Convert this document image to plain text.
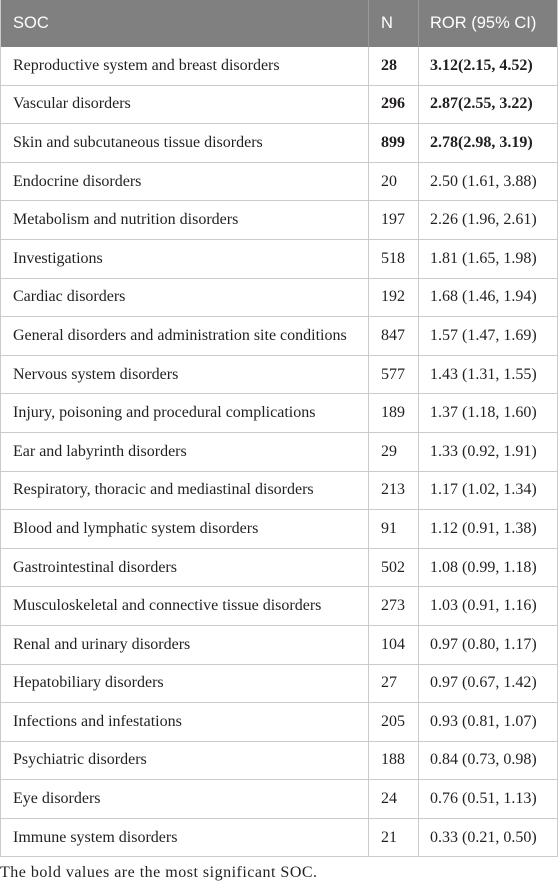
SOC	N	ROR (95% CI)
Reproductive system and breast disorders	28	3.12(2.15, 4.52)
Vascular disorders	296	2.87(2.55, 3.22)
Skin and subcutaneous tissue disorders	899	2.78(2.98, 3.19)
Endocrine disorders	20	2.50 (1.61, 3.88)
Metabolism and nutrition disorders	197	2.26 (1.96, 2.61)
Investigations	518	1.81 (1.65, 1.98)
Cardiac disorders	192	1.68 (1.46, 1.94)
General disorders and administration site conditions	847	1.57 (1.47, 1.69)
Nervous system disorders	577	1.43 (1.31, 1.55)
Injury, poisoning and procedural complications	189	1.37 (1.18, 1.60)
Ear and labyrinth disorders	29	1.33 (0.92, 1.91)
Respiratory, thoracic and mediastinal disorders	213	1.17 (1.02, 1.34)
Blood and lymphatic system disorders	91	1.12 (0.91, 1.38)
Gastrointestinal disorders	502	1.08 (0.99, 1.18)
Musculoskeletal and connective tissue disorders	273	1.03 (0.91, 1.16)
Renal and urinary disorders	104	0.97 (0.80, 1.17)
Hepatobiliary disorders	27	0.97 (0.67, 1.42)
Infections and infestations	205	0.93 (0.81, 1.07)
Psychiatric disorders	188	0.84 (0.73, 0.98)
Eye disorders	24	0.76 (0.51, 1.13)
Immune system disorders	21	0.33 (0.21, 0.50)
The bold values are the most significant SOC.
